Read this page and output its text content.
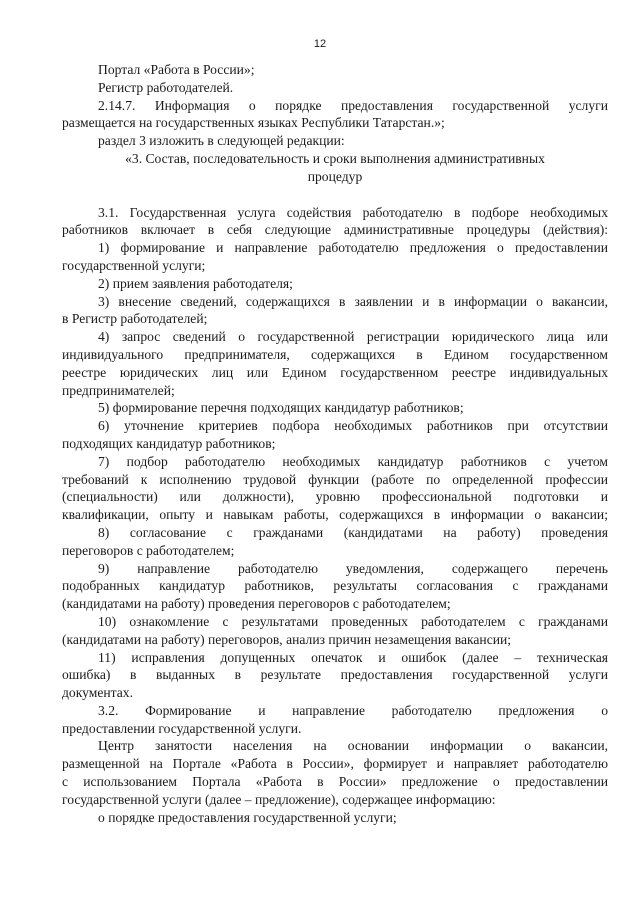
12
Портал «Работа в России»;
Регистр работодателей.
2.14.7. Информация о порядке предоставления государственной услуги
размещается на государственных языках Республики Татарстан.»;
раздел 3 изложить в следующей редакции:
«3. Состав, последовательность и сроки выполнения административных
процедур
3.1. Государственная услуга содействия работодателю в подборе необходимых
работников включает в себя следующие административные процедуры (действия):
1) формирование и направление работодателю предложения о предоставлении
государственной услуги;
2) прием заявления работодателя;
3) внесение сведений, содержащихся в заявлении и в информации о вакансии,
в Регистр работодателей;
4) запрос сведений о государственной регистрации юридического лица или
индивидуального предпринимателя, содержащихся в Едином государственном
реестре юридических лиц или Едином государственном реестре индивидуальных
предпринимателей;
5) формирование перечня подходящих кандидатур работников;
6) уточнение критериев подбора необходимых работников при отсутствии
подходящих кандидатур работников;
7) подбор работодателю необходимых кандидатур работников с учетом
требований к исполнению трудовой функции (работе по определенной профессии
(специальности) или должности), уровню профессиональной подготовки и
квалификации, опыту и навыкам работы, содержащихся в информации о вакансии;
8) согласование с гражданами (кандидатами на работу) проведения
переговоров с работодателем;
9) направление работодателю уведомления, содержащего перечень
подобранных кандидатур работников, результаты согласования с гражданами
(кандидатами на работу) проведения переговоров с работодателем;
10) ознакомление с результатами проведенных работодателем с гражданами
(кандидатами на работу) переговоров, анализ причин незамещения вакансии;
11) исправления допущенных опечаток и ошибок (далее – техническая
ошибка) в выданных в результате предоставления государственной услуги
документах.
3.2. Формирование и направление работодателю предложения о
предоставлении государственной услуги.
Центр занятости населения на основании информации о вакансии,
размещенной на Портале «Работа в России», формирует и направляет работодателю
с использованием Портала «Работа в России» предложение о предоставлении
государственной услуги (далее – предложение), содержащее информацию:
о порядке предоставления государственной услуги;
